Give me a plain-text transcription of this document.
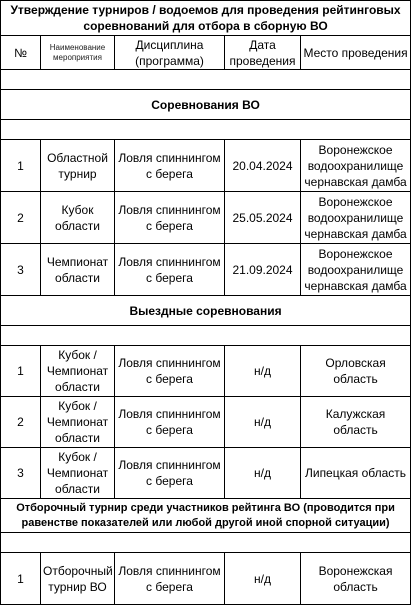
Утверждение турниров / водоемов для проведения рейтинговых соревнований для отбора в сборную ВО				
№	Наименование мероприятия	Дисциплина (программа)	Дата проведения	Место проведения

Соревнования ВО				

1	Областной турнир	Ловля спиннингом с берега	20.04.2024	Воронежское водоохранилище чернавская дамба
2	Кубок области	Ловля спиннингом с берега	25.05.2024	Воронежское водоохранилище чернавская дамба
3	Чемпионат области	Ловля спиннингом с берега	21.09.2024	Воронежское водоохранилище чернавская дамба
Выездные соревнования				

1	Кубок / Чемпионат области	Ловля спиннингом с берега	н/д	Орловская область
2	Кубок / Чемпионат области	Ловля спиннингом с берега	н/д	Калужская область
3	Кубок / Чемпионат области	Ловля спиннингом с берега	н/д	Липецкая область
Отборочный турнир среди участников рейтинга ВО (проводится при равенстве показателей или любой другой иной спорной ситуации)				

1	Отборочный турнир ВО	Ловля спиннингом с берега	н/д	Воронежская область
